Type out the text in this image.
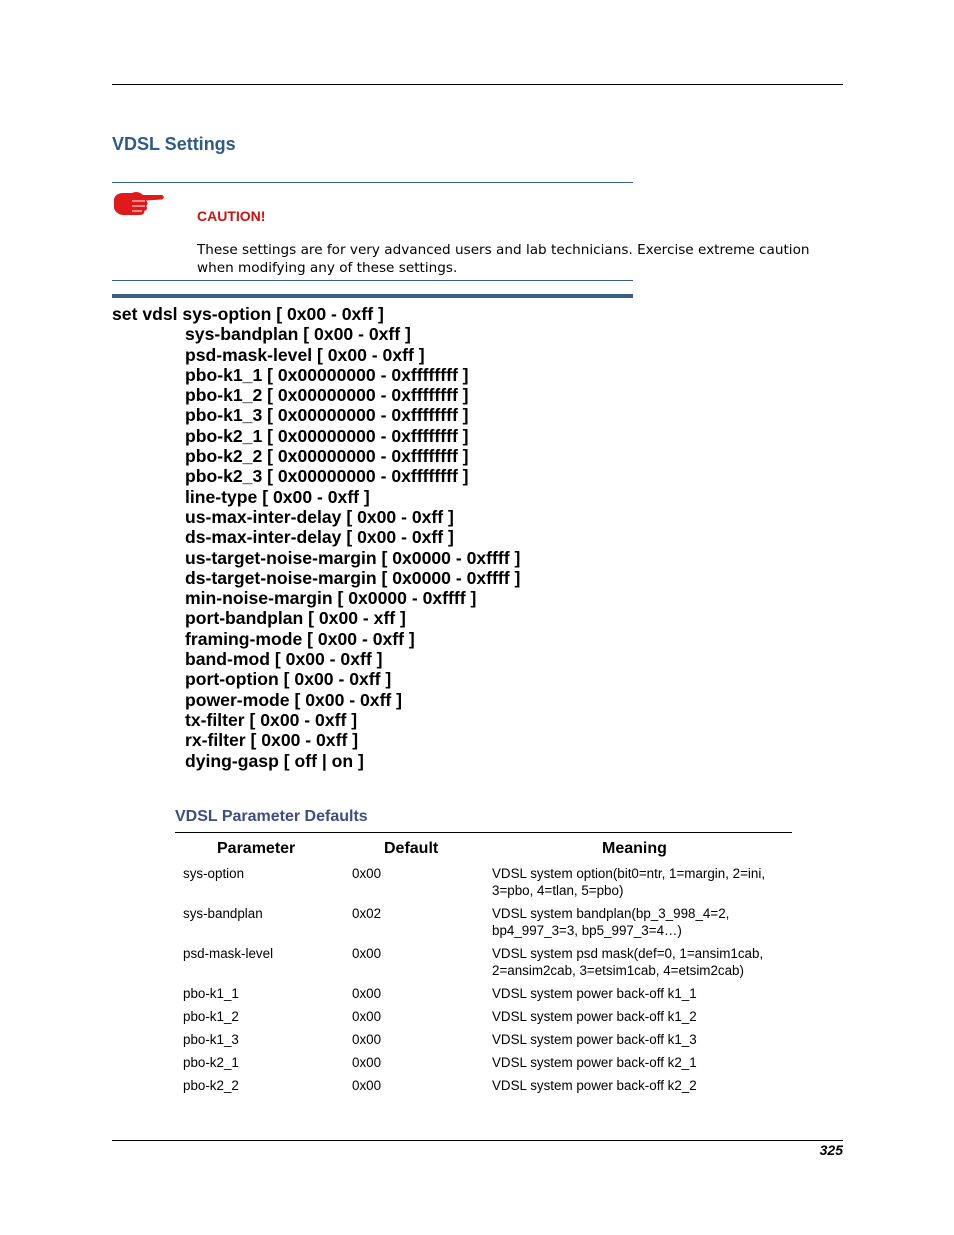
VDSL Settings
CAUTION!
These settings are for very advanced users and lab technicians. Exercise extreme caution when modifying any of these settings.
set vdsl sys-option [ 0x00 - 0xff ]
sys-bandplan [ 0x00 - 0xff ]
psd-mask-level [ 0x00 - 0xff ]
pbo-k1_1 [ 0x00000000 - 0xffffffff ]
pbo-k1_2 [ 0x00000000 - 0xffffffff ]
pbo-k1_3 [ 0x00000000 - 0xffffffff ]
pbo-k2_1 [ 0x00000000 - 0xffffffff ]
pbo-k2_2 [ 0x00000000 - 0xffffffff ]
pbo-k2_3 [ 0x00000000 - 0xffffffff ]
line-type [ 0x00 - 0xff ]
us-max-inter-delay [ 0x00 - 0xff ]
ds-max-inter-delay [ 0x00 - 0xff ]
us-target-noise-margin [ 0x0000 - 0xffff ]
ds-target-noise-margin [ 0x0000 - 0xffff ]
min-noise-margin [ 0x0000 - 0xffff ]
port-bandplan [ 0x00 - xff ]
framing-mode [ 0x00 - 0xff ]
band-mod [ 0x00 - 0xff ]
port-option [ 0x00 - 0xff ]
power-mode [ 0x00 - 0xff ]
tx-filter [ 0x00 - 0xff ]
rx-filter [ 0x00 - 0xff ]
dying-gasp [ off | on ]
VDSL Parameter Defaults
Parameter	Default	Meaning
sys-option	0x00	VDSL system option(bit0=ntr, 1=margin, 2=ini, 3=pbo, 4=tlan, 5=pbo)
sys-bandplan	0x02	VDSL system bandplan(bp_3_998_4=2, bp4_997_3=3, bp5_997_3=4…)
psd-mask-level	0x00	VDSL system psd mask(def=0, 1=ansim1cab, 2=ansim2cab, 3=etsim1cab, 4=etsim2cab)
pbo-k1_1	0x00	VDSL system power back-off k1_1
pbo-k1_2	0x00	VDSL system power back-off k1_2
pbo-k1_3	0x00	VDSL system power back-off k1_3
pbo-k2_1	0x00	VDSL system power back-off k2_1
pbo-k2_2	0x00	VDSL system power back-off k2_2
325
